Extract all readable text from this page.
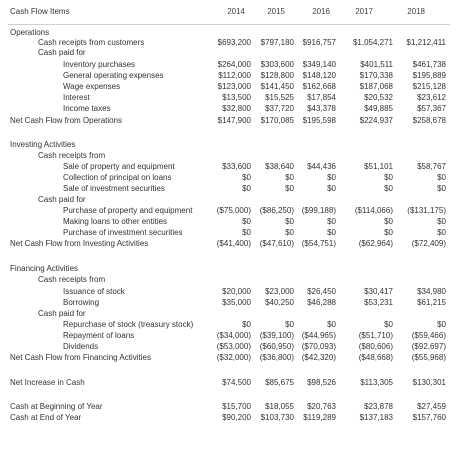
Cash Flow Items	2014	2015	2016	2017	2018
Operations
Cash receipts from customers	$693,200	$797,180	$916,757	$1,054,271	$1,212,411
Cash paid for
Inventory purchases	$264,000	$303,600	$349,140	$401,511	$461,738
General operating expenses	$112,000	$128,800	$148,120	$170,338	$195,889
Wage expenses	$123,000	$141,450	$162,668	$187,068	$215,128
Interest	$13,500	$15,525	$17,854	$20,532	$23,612
Income taxes	$32,800	$37,720	$43,378	$49,885	$57,367
Net Cash Flow from Operations	$147,900	$170,085	$195,598	$224,937	$258,678
Investing Activities
Cash receipts from
Sale of property and equipment	$33,600	$38,640	$44,436	$51,101	$58,767
Collection of principal on loans	$0	$0	$0	$0	$0
Sale of investment securities	$0	$0	$0	$0	$0
Cash paid for
Purchase of property and equipment	($75,000)	($86,250) ($99,188)	($114,066)	($131,175)
Making loans to other entities	$0	$0	$0	$0	$0
Purchase of investment securities	$0	$0	$0	$0	$0
Net Cash Flow from Investing Activities	($41,400)	($47,610) ($54,751)	($62,964)	($72,409)
Financing Activities
Cash receipts from
Issuance of stock	$20,000	$23,000	$26,450	$30,417	$34,980
Borrowing	$35,000	$40,250	$46,288	$53,231	$61,215
Cash paid for
Repurchase of stock (treasury stock)	$0	$0	$0	$0	$0
Repayment of loans	($34,000)	($39,100) ($44,965)	($51,710)	($59,466)
Dividends	($53,000)	($60,950) ($70,093)	($80,606)	($92,697)
Net Cash Flow from Financing Activities	($32,000)	($36,800) ($42,320)	($48,668)	($55,968)
Net Increase in Cash	$74,500	$85,675	$98,526	$113,305	$130,301
Cash at Beginning of Year	$15,700	$18,055	$20,763	$23,878	$27,459
Cash at End of Year	$90,200	$103,730	$119,289	$137,183	$157,760
